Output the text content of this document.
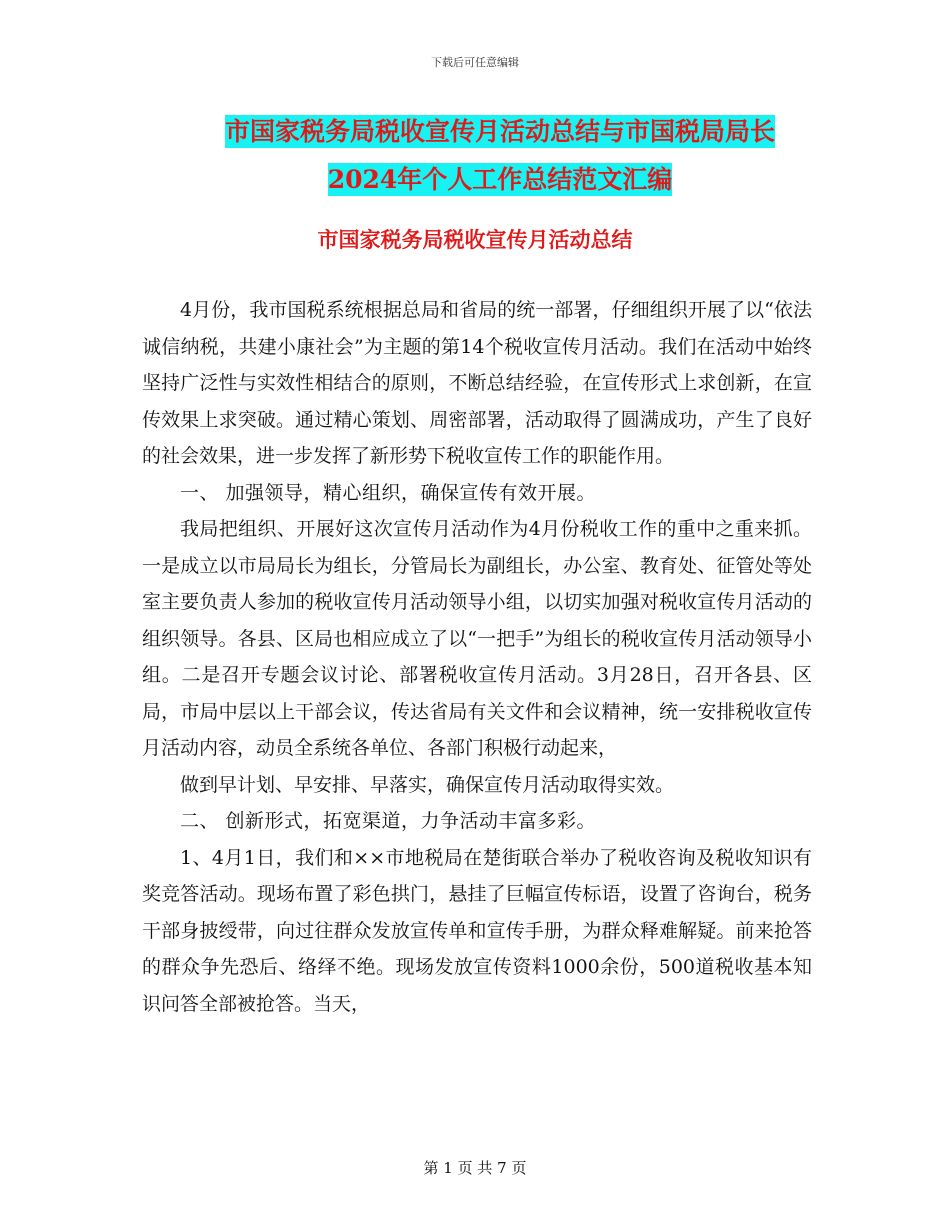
下载后可任意编辑
市国家税务局税收宣传月活动总结与市国税局局长
2024年个人工作总结范文汇编
市国家税务局税收宣传月活动总结

4月份，我市国税系统根据总局和省局的统一部署，仔细组织开展了以“依法诚信纳税，共建小康社会”为主题的第14个税收宣传月活动。我们在活动中始终坚持广泛性与实效性相结合的原则，不断总结经验，在宣传形式上求创新，在宣传效果上求突破。通过精心策划、周密部署，活动取得了圆满成功，产生了良好的社会效果，进一步发挥了新形势下税收宣传工作的职能作用。

一、 加强领导，精心组织，确保宣传有效开展。

我局把组织、开展好这次宣传月活动作为4月份税收工作的重中之重来抓。一是成立以市局局长为组长，分管局长为副组长，办公室、教育处、征管处等处室主要负责人参加的税收宣传月活动领导小组，以切实加强对税收宣传月活动的组织领导。各县、区局也相应成立了以“一把手”为组长的税收宣传月活动领导小组。二是召开专题会议讨论、部署税收宣传月活动。3月28日，召开各县、区局，市局中层以上干部会议，传达省局有关文件和会议精神，统一安排税收宣传月活动内容，动员全系统各单位、各部门积极行动起来，

做到早计划、早安排、早落实，确保宣传月活动取得实效。

二、 创新形式，拓宽渠道，力争活动丰富多彩。

1、4月1日，我们和××市地税局在楚街联合举办了税收咨询及税收知识有奖竞答活动。现场布置了彩色拱门，悬挂了巨幅宣传标语，设置了咨询台，税务干部身披绶带，向过往群众发放宣传单和宣传手册，为群众释难解疑。前来抢答的群众争先恐后、络绎不绝。现场发放宣传资料1000余份，500道税收基本知识问答全部被抢答。当天，

第 1 页 共 7 页
